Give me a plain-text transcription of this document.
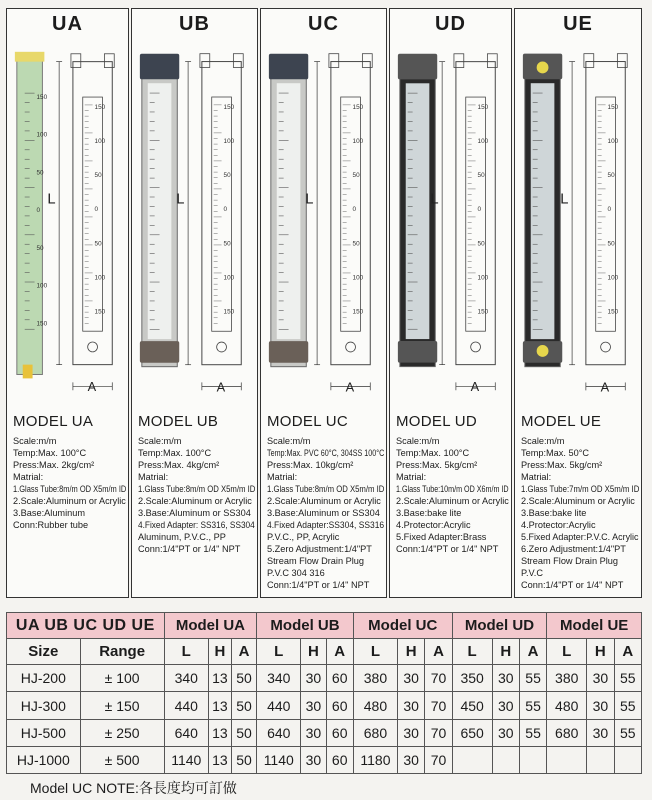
UA
150
100
50
0
50
100
150
L
A
150
100
50
0
50
100
150
MODEL UA
Scale:m/m
Temp:Max. 100°C
Press:Max. 2kg/cm²
Matrial:
1.Glass Tube:8m/m OD X5m/m ID
2.Scale:Aluminum or Acrylic
3.Base:Aluminum
Conn:Rubber tube
UB
L
A
150
100
50
0
50
100
150
MODEL UB
Scale:m/m
Temp:Max. 100°C
Press:Max. 4kg/cm²
Matrial:
1.Glass Tube:8m/m OD X5m/m ID
2.Scale:Aluminum or Acrylic
3.Base:Aluminum or SS304
4.Fixed Adapter: SS316, SS304
Aluminum, P.V.C., PP
Conn:1/4"PT or 1/4" NPT
UC
L
A
150
100
50
0
50
100
150
MODEL UC
Scale:m/m
Temp:Max. PVC 60°C, 304SS 100°C
Press:Max. 10kg/cm²
Matrial:
1.Glass Tube:8m/m OD X5m/m ID
2.Scale:Aluminum or Acrylic
3.Base:Aluminum or SS304
4.Fixed Adapter:SS304, SS316
P.V.C., PP, Acrylic
5.Zero Adjustment:1/4"PT
Stream Flow Drain Plug
P.V.C 304 316
Conn:1/4"PT or 1/4" NPT
UD
L
A
150
100
50
0
50
100
150
MODEL UD
Scale:m/m
Temp:Max. 100°C
Press:Max. 5kg/cm²
Matrial:
1.Glass Tube:10m/m OD X6m/m ID
2.Scale:Aluminum or Acrylic
3.Base:bake lite
4.Protector:Acrylic
5.Fixed Adapter:Brass
Conn:1/4"PT or 1/4" NPT
UE
L
A
150
100
50
0
50
100
150
MODEL UE
Scale:m/m
Temp:Max. 50°C
Press:Max. 5kg/cm²
Matrial:
1.Glass Tube:7m/m OD X5m/m ID
2.Scale:Aluminum or Acrylic
3.Base:bake lite
4.Protector:Acrylic
5.Fixed Adapter:P.V.C. Acrylic
6.Zero Adjustment:1/4"PT
Stream Flow Drain Plug
P.V.C
Conn:1/4"PT or 1/4" NPT
UA UB UC UD UE		Model UA			Model UB			Model UC			Model UD			Model UE		
Size	Range	L	H	A	L	H	A	L	H	A	L	H	A	L	H	A
HJ-200	± 100	340	13	50	340	30	60	380	30	70	350	30	55	380	30	55
HJ-300	± 150	440	13	50	440	30	60	480	30	70	450	30	55	480	30	55
HJ-500	± 250	640	13	50	640	30	60	680	30	70	650	30	55	680	30	55
HJ-1000	± 500	1140	13	50	1140	30	60	1180	30	70						
Model UC NOTE:各長度均可訂做
